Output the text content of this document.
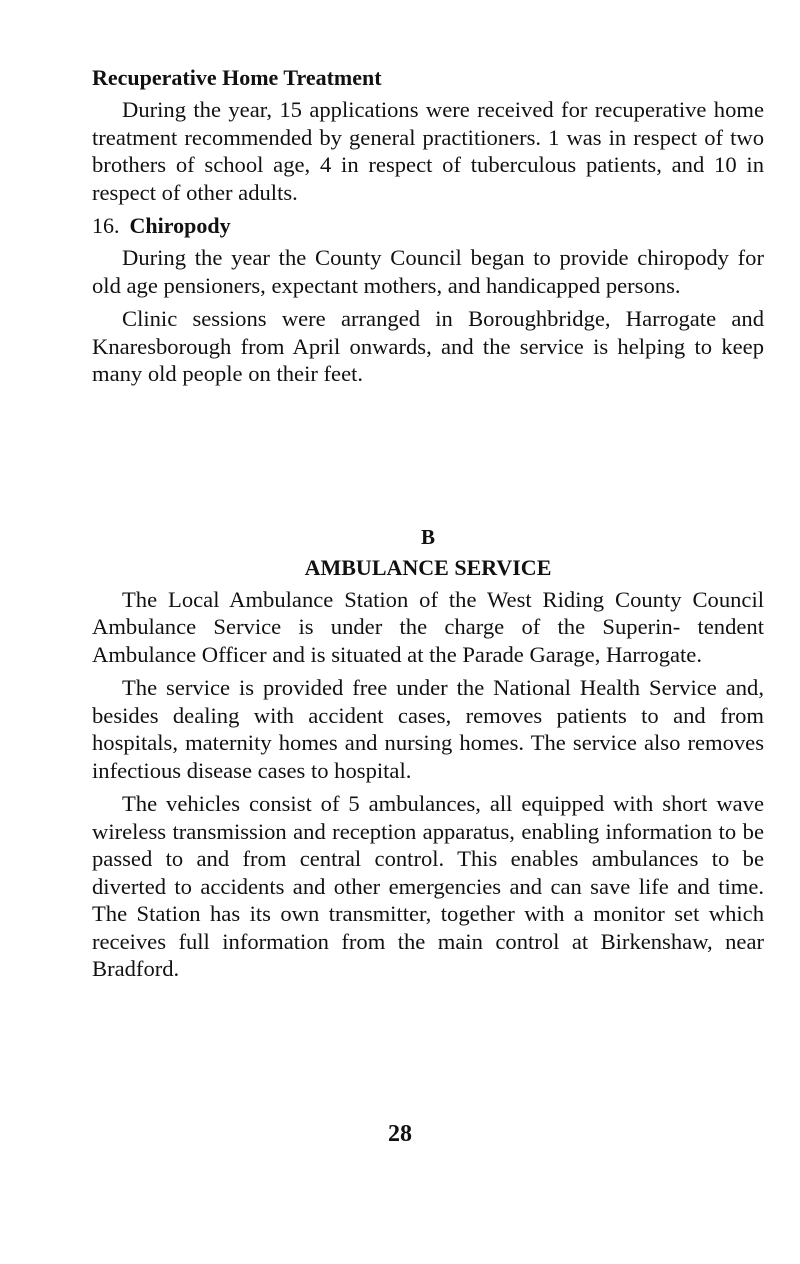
Recuperative Home Treatment

During the year, 15 applications were received for recuperative home treatment recommended by general practitioners. 1 was in respect of two brothers of school age, 4 in respect of tuberculous patients, and 10 in respect of other adults.

16. Chiropody

During the year the County Council began to provide chiropody for old age pensioners, expectant mothers, and handicapped persons.

Clinic sessions were arranged in Boroughbridge, Harrogate and Knaresborough from April onwards, and the service is helping to keep many old people on their feet.

B
AMBULANCE SERVICE

The Local Ambulance Station of the West Riding County Council Ambulance Service is under the charge of the Superin- tendent Ambulance Officer and is situated at the Parade Garage, Harrogate.

The service is provided free under the National Health Service and, besides dealing with accident cases, removes patients to and from hospitals, maternity homes and nursing homes. The service also removes infectious disease cases to hospital.

The vehicles consist of 5 ambulances, all equipped with short wave wireless transmission and reception apparatus, enabling information to be passed to and from central control. This enables ambulances to be diverted to accidents and other emergencies and can save life and time. The Station has its own transmitter, together with a monitor set which receives full information from the main control at Birkenshaw, near Bradford.

28
